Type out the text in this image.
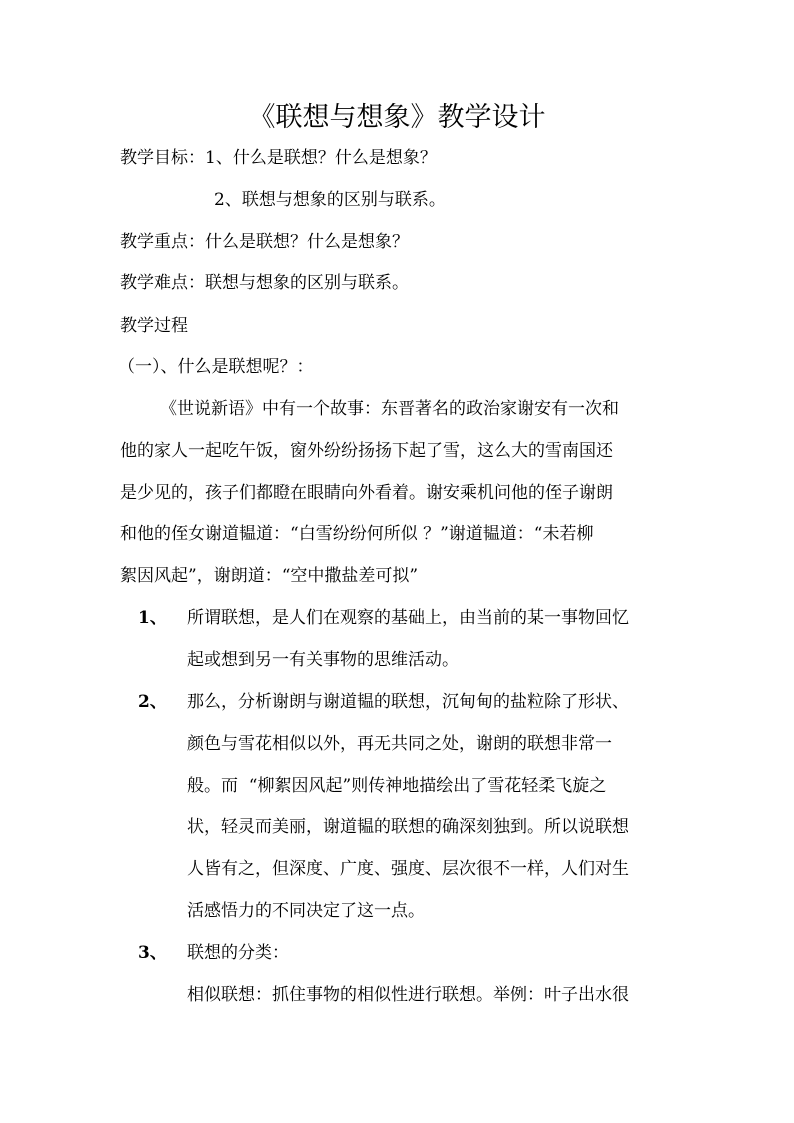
《联想与想象》教学设计
教学目标：1、什么是联想？什么是想象？
2、联想与想象的区别与联系。
教学重点：什么是联想？什么是想象？
教学难点：联想与想象的区别与联系。
教学过程
（一）、什么是联想呢？：
《世说新语》中有一个故事：东晋著名的政治家谢安有一次和
他的家人一起吃午饭，窗外纷纷扬扬下起了雪，这么大的雪南国还
是少见的，孩子们都瞪在眼睛向外看着。谢安乘机问他的侄子谢朗
和他的侄女谢道韫道：“白雪纷纷何所似 ？”谢道韫道：“未若柳
絮因风起”，谢朗道：“空中撒盐差可拟”
1、 所谓联想，是人们在观察的基础上，由当前的某一事物回忆
起或想到另一有关事物的思维活动。
2、 那么，分析谢朗与谢道韫的联想，沉甸甸的盐粒除了形状、
颜色与雪花相似以外，再无共同之处，谢朗的联想非常一
般。而  “柳絮因风起”则传神地描绘出了雪花轻柔飞旋之
状，轻灵而美丽，谢道韫的联想的确深刻独到。所以说联想
人皆有之，但深度、广度、强度、层次很不一样，人们对生
活感悟力的不同决定了这一点。
3、 联想的分类：
相似联想：抓住事物的相似性进行联想。举例：叶子出水很
